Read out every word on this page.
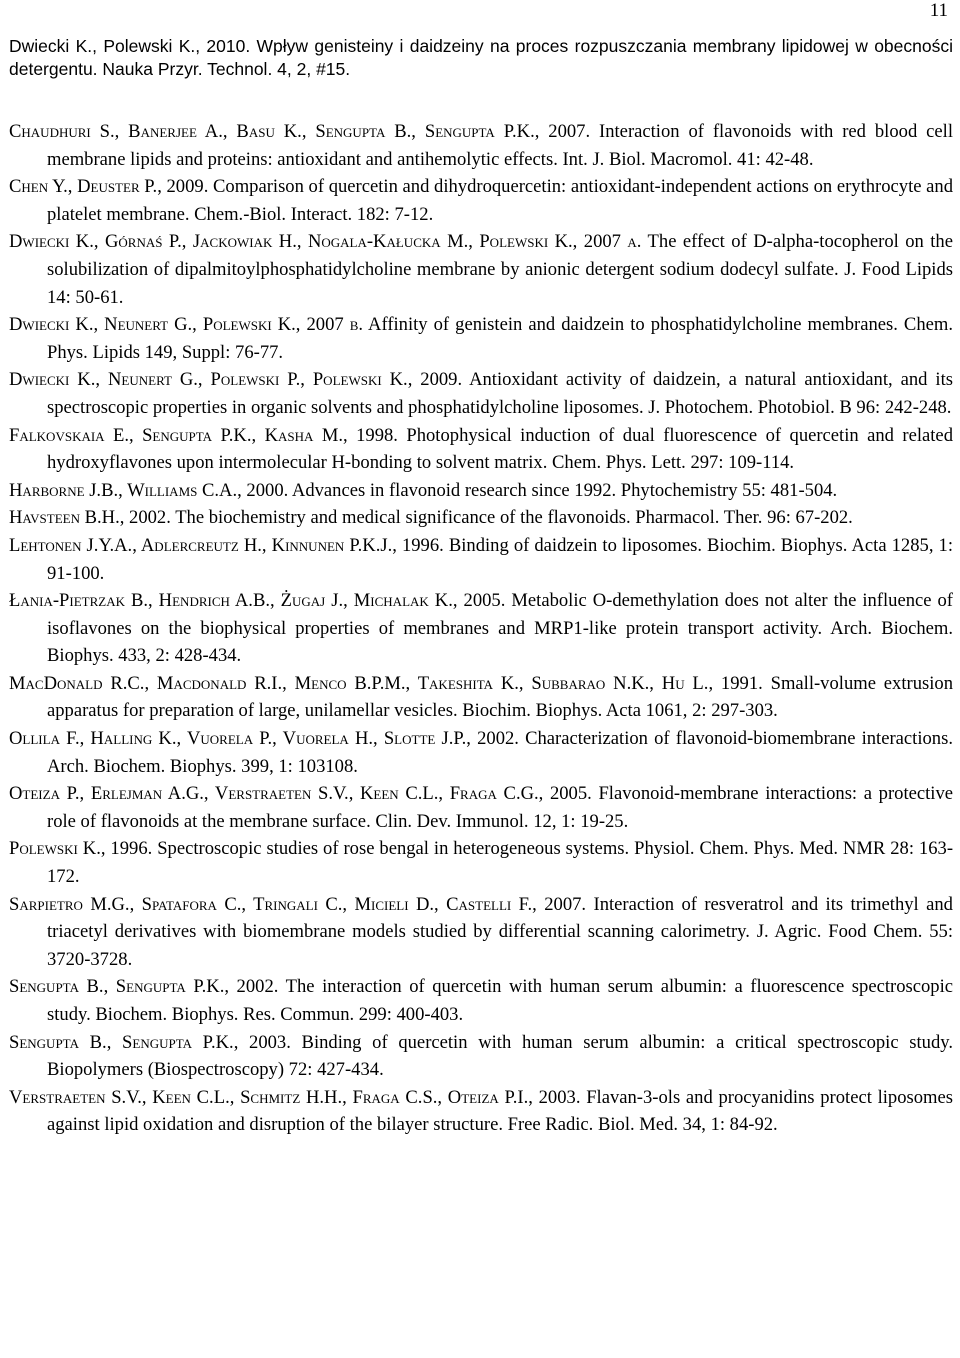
11
Dwiecki K., Polewski K., 2010. Wpływ genisteiny i daidzeiny na proces rozpuszczania membrany lipidowej w obecności detergentu. Nauka Przyr. Technol. 4, 2, #15.

Chaudhuri S., Banerjee A., Basu K., Sengupta B., Sengupta P.K., 2007. Interaction of flavonoids with red blood cell membrane lipids and proteins: antioxidant and antihemolytic effects. Int. J. Biol. Macromol. 41: 42-48.

Chen Y., Deuster P., 2009. Comparison of quercetin and dihydroquercetin: antioxidant-independent actions on erythrocyte and platelet membrane. Chem.-Biol. Interact. 182: 7-12.

Dwiecki K., Górnaś P., Jackowiak H., Nogala-Kałucka M., Polewski K., 2007 a. The effect of D-alpha-tocopherol on the solubilization of dipalmitoylphosphatidylcholine membrane by anionic detergent sodium dodecyl sulfate. J. Food Lipids 14: 50-61.

Dwiecki K., Neunert G., Polewski K., 2007 b. Affinity of genistein and daidzein to phosphatidylcholine membranes. Chem. Phys. Lipids 149, Suppl: 76-77.

Dwiecki K., Neunert G., Polewski P., Polewski K., 2009. Antioxidant activity of daidzein, a natural antioxidant, and its spectroscopic properties in organic solvents and phosphatidylcholine liposomes. J. Photochem. Photobiol. B 96: 242-248.

Falkovskaia E., Sengupta P.K., Kasha M., 1998. Photophysical induction of dual fluorescence of quercetin and related hydroxyflavones upon intermolecular H-bonding to solvent matrix. Chem. Phys. Lett. 297: 109-114.

Harborne J.B., Williams C.A., 2000. Advances in flavonoid research since 1992. Phytochemistry 55: 481-504.

Havsteen B.H., 2002. The biochemistry and medical significance of the flavonoids. Pharmacol. Ther. 96: 67-202.

Lehtonen J.Y.A., Adlercreutz H., Kinnunen P.K.J., 1996. Binding of daidzein to liposomes. Biochim. Biophys. Acta 1285, 1: 91-100.

Łania-Pietrzak B., Hendrich A.B., Żugaj J., Michalak K., 2005. Metabolic O-demethylation does not alter the influence of isoflavones on the biophysical properties of membranes and MRP1-like protein transport activity. Arch. Biochem. Biophys. 433, 2: 428-434.

MacDonald R.C., Macdonald R.I., Menco B.P.M., Takeshita K., Subbarao N.K., Hu L., 1991. Small-volume extrusion apparatus for preparation of large, unilamellar vesicles. Biochim. Biophys. Acta 1061, 2: 297-303.

Ollila F., Halling K., Vuorela P., Vuorela H., Slotte J.P., 2002. Characterization of flavonoid-biomembrane interactions. Arch. Biochem. Biophys. 399, 1: 103108.

Oteiza P., Erlejman A.G., Verstraeten S.V., Keen C.L., Fraga C.G., 2005. Flavonoid-membrane interactions: a protective role of flavonoids at the membrane surface. Clin. Dev. Immunol. 12, 1: 19-25.

Polewski K., 1996. Spectroscopic studies of rose bengal in heterogeneous systems. Physiol. Chem. Phys. Med. NMR 28: 163-172.

Sarpietro M.G., Spatafora C., Tringali C., Micieli D., Castelli F., 2007. Interaction of resveratrol and its trimethyl and triacetyl derivatives with biomembrane models studied by differential scanning calorimetry. J. Agric. Food Chem. 55: 3720-3728.

Sengupta B., Sengupta P.K., 2002. The interaction of quercetin with human serum albumin: a fluorescence spectroscopic study. Biochem. Biophys. Res. Commun. 299: 400-403.

Sengupta B., Sengupta P.K., 2003. Binding of quercetin with human serum albumin: a critical spectroscopic study. Biopolymers (Biospectroscopy) 72: 427-434.

Verstraeten S.V., Keen C.L., Schmitz H.H., Fraga C.S., Oteiza P.I., 2003. Flavan-3-ols and procyanidins protect liposomes against lipid oxidation and disruption of the bilayer structure. Free Radic. Biol. Med. 34, 1: 84-92.
